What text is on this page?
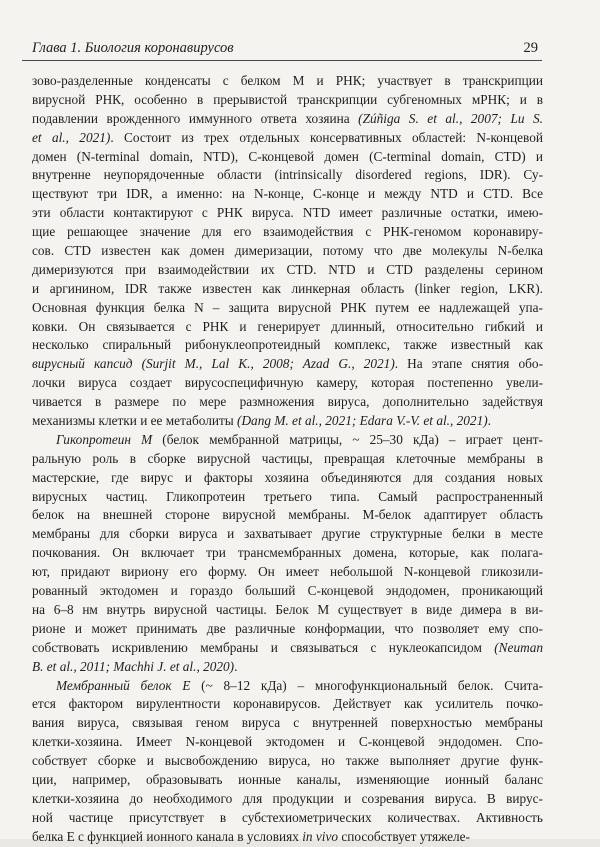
Глава 1. Биология коронавирусов	29
зово-разделенные конденсаты с белком М и РНК; участвует в транскрипции
вирусной РНК, особенно в прерывистой транскрипции субгеномных мРНК; и в
подавлении врожденного иммунного ответа хозяина (Zúñiga S. et al., 2007; Lu S.
et al., 2021). Состоит из трех отдельных консервативных областей: N-концевой
домен (N-terminal domain, NTD), C-концевой домен (C-terminal domain, CTD) и
внутренне неупорядоченные области (intrinsically disordered regions, IDR). Су-
ществуют три IDR, а именно: на N-конце, C-конце и между NTD и CTD. Все
эти области контактируют с РНК вируса. NTD имеет различные остатки, имею-
щие решающее значение для его взаимодействия с РНК-геномом коронавиру-
сов. CTD известен как домен димеризации, потому что две молекулы N-белка
димеризуются при взаимодействии их CTD. NTD и CTD разделены серином
и аргинином, IDR также известен как линкерная область (linker region, LKR).
Основная функция белка N – защита вирусной РНК путем ее надлежащей упа-
ковки. Он связывается с РНК и генерирует длинный, относительно гибкий и
несколько спиральный рибонуклеопротеидный комплекс, также известный как
вирусный капсид (Surjit M., Lal K., 2008; Azad G., 2021). На этапе снятия обо-
лочки вируса создает вирусоспецифичную камеру, которая постепенно увели-
чивается в размере по мере размножения вируса, дополнительно задействуя
механизмы клетки и ее метаболиты (Dang M. et al., 2021; Edara V.-V. et al., 2021).
Гикопротеин М (белок мембранной матрицы, ~ 25–30 кДа) – играет цент-
ральную роль в сборке вирусной частицы, превращая клеточные мембраны в
мастерские, где вирус и факторы хозяина объединяются для создания новых
вирусных частиц. Гликопротеин третьего типа. Самый распространенный
белок на внешней стороне вирусной мембраны. М-белок адаптирует область
мембраны для сборки вируса и захватывает другие структурные белки в месте
почкования. Он включает три трансмембранных домена, которые, как полага-
ют, придают вириону его форму. Он имеет небольшой N-концевой гликозили-
рованный эктодомен и гораздо больший С-концевой эндодомен, проникающий
на 6–8 нм внутрь вирусной частицы. Белок М существует в виде димера в ви-
рионе и может принимать две различные конформации, что позволяет ему спо-
собствовать искривлению мембраны и связываться с нуклеокапсидом (Neuman
B. et al., 2011; Machhi J. et al., 2020).
Мембранный белок Е (~ 8–12 кДа) – многофункциональный белок. Счита-
ется фактором вирулентности коронавирусов. Действует как усилитель почко-
вания вируса, связывая геном вируса с внутренней поверхностью мембраны
клетки-хозяина. Имеет N-концевой эктодомен и С-концевой эндодомен. Спо-
собствует сборке и высвобождению вируса, но также выполняет другие функ-
ции, например, образовывать ионные каналы, изменяющие ионный баланс
клетки-хозяина до необходимого для продукции и созревания вируса. В вирус-
ной частице присутствует в субстехиометрических количествах. Активность
белка Е с функцией ионного канала в условиях in vivo способствует утяжеле-
